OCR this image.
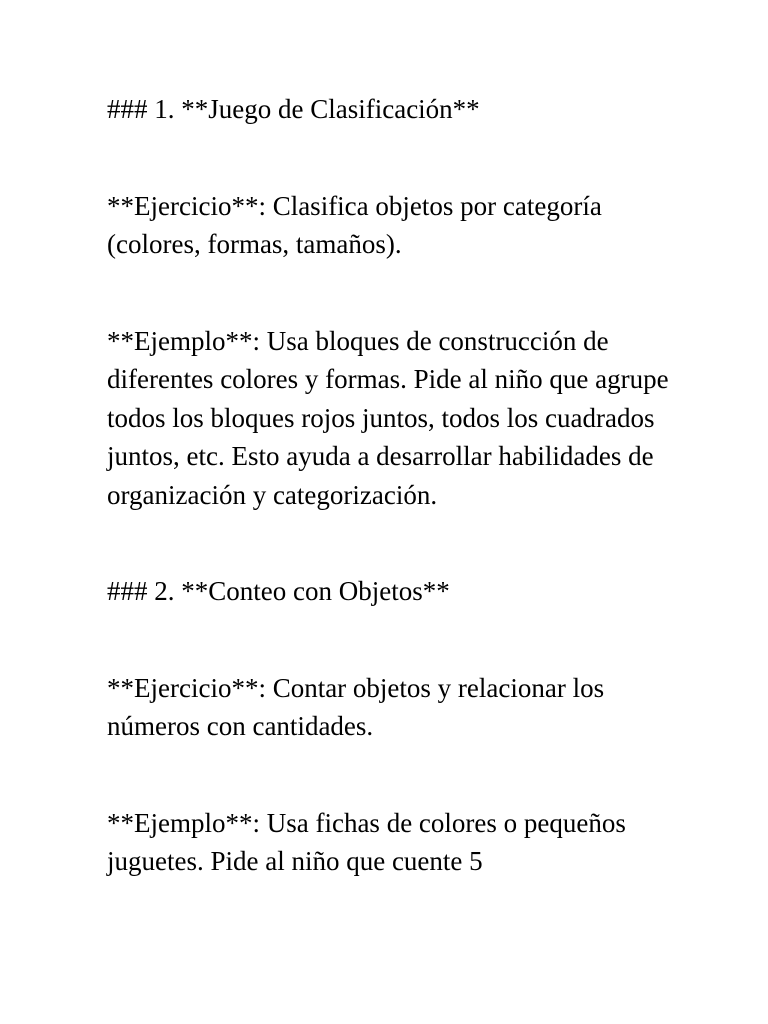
### 1. **Juego de Clasificación**

**Ejercicio**: Clasifica objetos por categoría (colores, formas, tamaños).

**Ejemplo**: Usa bloques de construcción de diferentes colores y formas. Pide al niño que agrupe todos los bloques rojos juntos, todos los cuadrados juntos, etc. Esto ayuda a desarrollar habilidades de organización y categorización.

### 2. **Conteo con Objetos**

**Ejercicio**: Contar objetos y relacionar los números con cantidades.

**Ejemplo**: Usa fichas de colores o pequeños juguetes. Pide al niño que cuente 5
